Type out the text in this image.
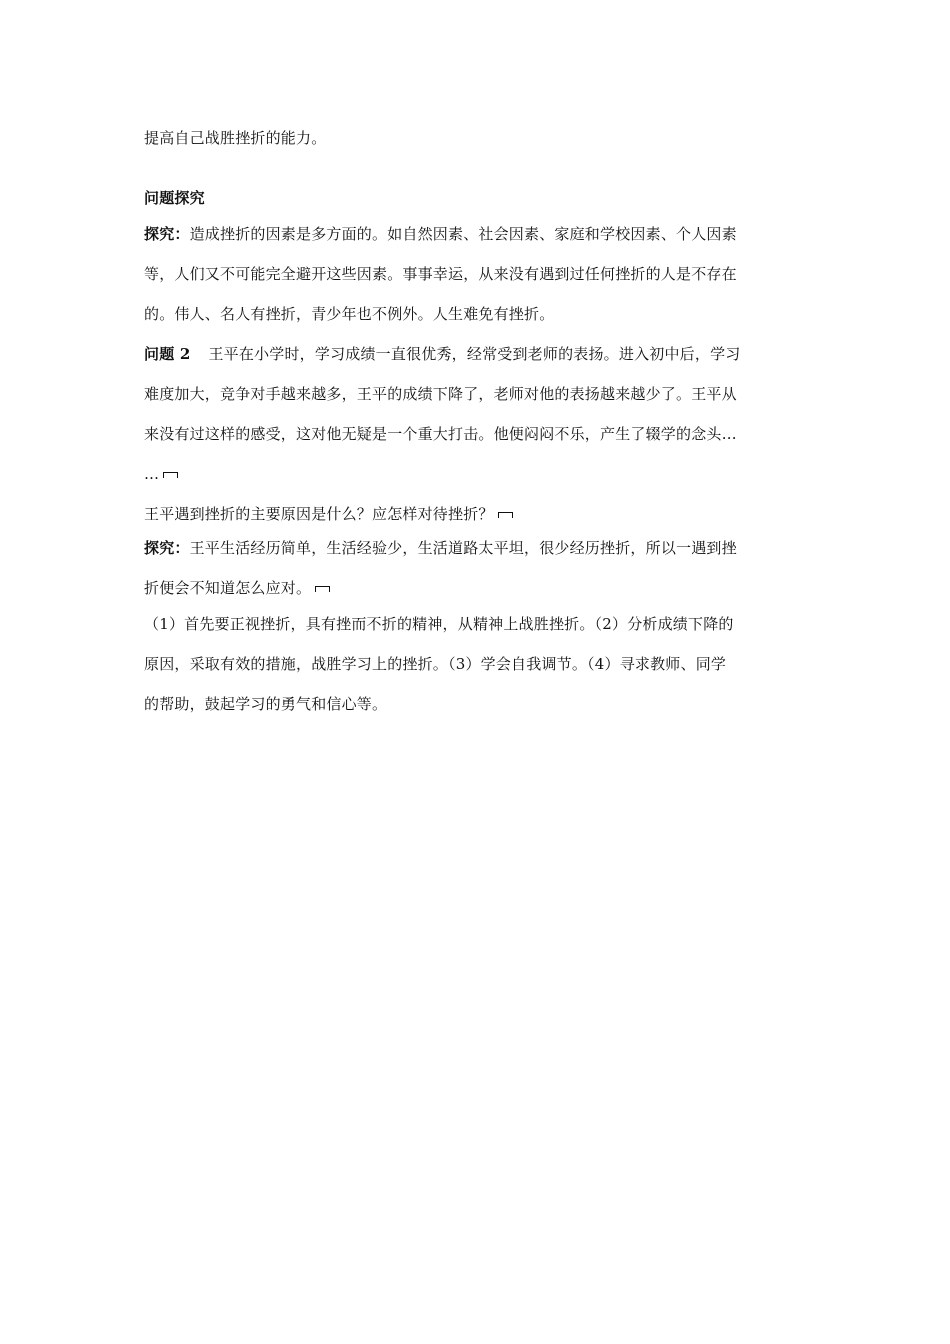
提高自己战胜挫折的能力。
问题探究
探究：造成挫折的因素是多方面的。如自然因素、社会因素、家庭和学校因素、个人因素
等，人们又不可能完全避开这些因素。事事幸运，从来没有遇到过任何挫折的人是不存在
的。伟人、名人有挫折，青少年也不例外。人生难免有挫折。
问题 2 王平在小学时，学习成绩一直很优秀，经常受到老师的表扬。进入初中后，学习
难度加大，竞争对手越来越多，王平的成绩下降了，老师对他的表扬越来越少了。王平从
来没有过这样的感受，这对他无疑是一个重大打击。他便闷闷不乐，产生了辍学的念头…
…
王平遇到挫折的主要原因是什么？应怎样对待挫折？
探究：王平生活经历简单，生活经验少，生活道路太平坦，很少经历挫折，所以一遇到挫
折便会不知道怎么应对。
（1）首先要正视挫折，具有挫而不折的精神，从精神上战胜挫折。（2）分析成绩下降的
原因，采取有效的措施，战胜学习上的挫折。（3）学会自我调节。（4）寻求教师、同学
的帮助，鼓起学习的勇气和信心等。
